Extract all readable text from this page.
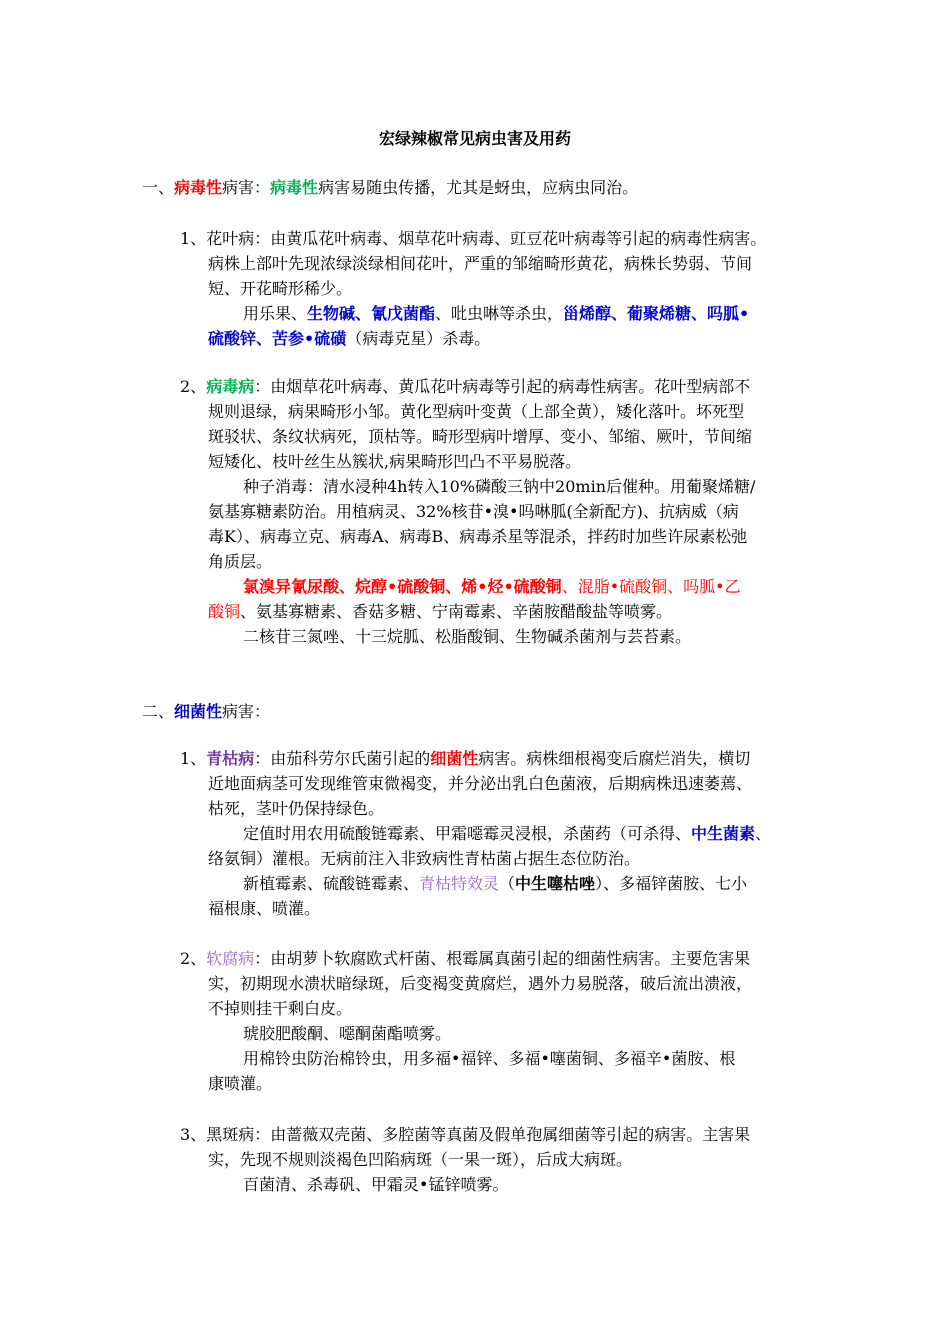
宏绿辣椒常见病虫害及用药
一、病毒性病害：病毒性病害易随虫传播，尤其是蚜虫，应病虫同治。
1、花叶病：由黄瓜花叶病毒、烟草花叶病毒、豇豆花叶病毒等引起的病毒性病害。
病株上部叶先现浓绿淡绿相间花叶，严重的邹缩畸形黄花，病株长势弱、节间
短、开花畸形稀少。
用乐果、生物碱、氰戊菌酯、吡虫啉等杀虫，甾烯醇、葡聚烯糖、吗胍•
硫酸锌、苦参•硫磺（病毒克星）杀毒。
2、病毒病：由烟草花叶病毒、黄瓜花叶病毒等引起的病毒性病害。花叶型病部不
规则退绿，病果畸形小邹。黄化型病叶变黄（上部全黄），矮化落叶。坏死型
斑驳状、条纹状病死，顶枯等。畸形型病叶增厚、变小、邹缩、厥叶，节间缩
短矮化、枝叶丝生丛簇状,病果畸形凹凸不平易脱落。
种子消毒：清水浸种4h转入10%磷酸三钠中20min后催种。用葡聚烯糖/
氨基寡糖素防治。用植病灵、32%核苷•溴•吗啉胍(全新配方)、抗病威（病
毒K）、病毒立克、病毒A、病毒B、病毒杀星等混杀，拌药时加些许尿素松弛
角质层。
氯溴异氰尿酸、烷醇•硫酸铜、烯•烃•硫酸铜、混脂•硫酸铜、吗胍•乙
酸铜、氨基寡糖素、香菇多糖、宁南霉素、辛菌胺醋酸盐等喷雾。
二核苷三氮唑、十三烷胍、松脂酸铜、生物碱杀菌剂与芸苔素。
二、细菌性病害：
1、青枯病：由茄科劳尔氏菌引起的细菌性病害。病株细根褐变后腐烂消失，横切
近地面病茎可发现维管束微褐变，并分泌出乳白色菌液，后期病株迅速萎蔫、
枯死，茎叶仍保持绿色。
定值时用农用硫酸链霉素、甲霜噁霉灵浸根，杀菌药（可杀得、中生菌素、
络氨铜）灌根。无病前注入非致病性青枯菌占据生态位防治。
新植霉素、硫酸链霉素、青枯特效灵（中生噻枯唑）、多福锌菌胺、七小
福根康、喷灌。
2、软腐病：由胡萝卜软腐欧式杆菌、根霉属真菌引起的细菌性病害。主要危害果
实，初期现水溃状暗绿斑，后变褐变黄腐烂，遇外力易脱落，破后流出溃液，
不掉则挂干剩白皮。
琥胶肥酸酮、噁酮菌酯喷雾。
用棉铃虫防治棉铃虫，用多福•福锌、多福•噻菌铜、多福辛•菌胺、根
康喷灌。
3、黑斑病：由蔷薇双壳菌、多腔菌等真菌及假单孢属细菌等引起的病害。主害果
实，先现不规则淡褐色凹陷病斑（一果一斑），后成大病斑。
百菌清、杀毒矾、甲霜灵•锰锌喷雾。
